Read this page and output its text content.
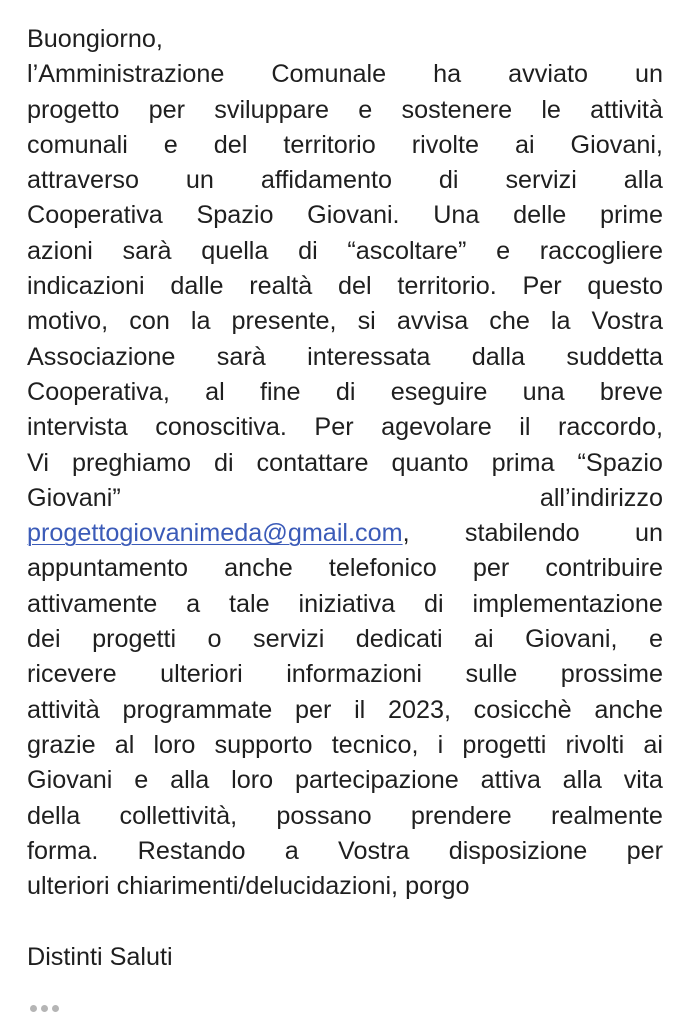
Buongiorno,
l’Amministrazione Comunale ha avviato un
progetto per sviluppare e sostenere le attività
comunali e del territorio rivolte ai Giovani,
attraverso un affidamento di servizi alla
Cooperativa Spazio Giovani. Una delle prime
azioni sarà quella di “ascoltare” e raccogliere
indicazioni dalle realtà del territorio. Per questo
motivo, con la presente, si avvisa che la Vostra
Associazione sarà interessata dalla suddetta
Cooperativa, al fine di eseguire una breve
intervista conoscitiva. Per agevolare il raccordo,
Vi preghiamo di contattare quanto prima “Spazio
Giovani”	all’indirizzo
progettogiovanimeda@gmail.com, stabilendo un
appuntamento anche telefonico per contribuire
attivamente a tale iniziativa di implementazione
dei progetti o servizi dedicati ai Giovani, e
ricevere ulteriori informazioni sulle prossime
attività programmate per il 2023, cosicchè anche
grazie al loro supporto tecnico, i progetti rivolti ai
Giovani e alla loro partecipazione attiva alla vita
della collettività, possano prendere realmente
forma. Restando a Vostra disposizione per
ulteriori chiarimenti/delucidazioni, porgo
Distinti Saluti
